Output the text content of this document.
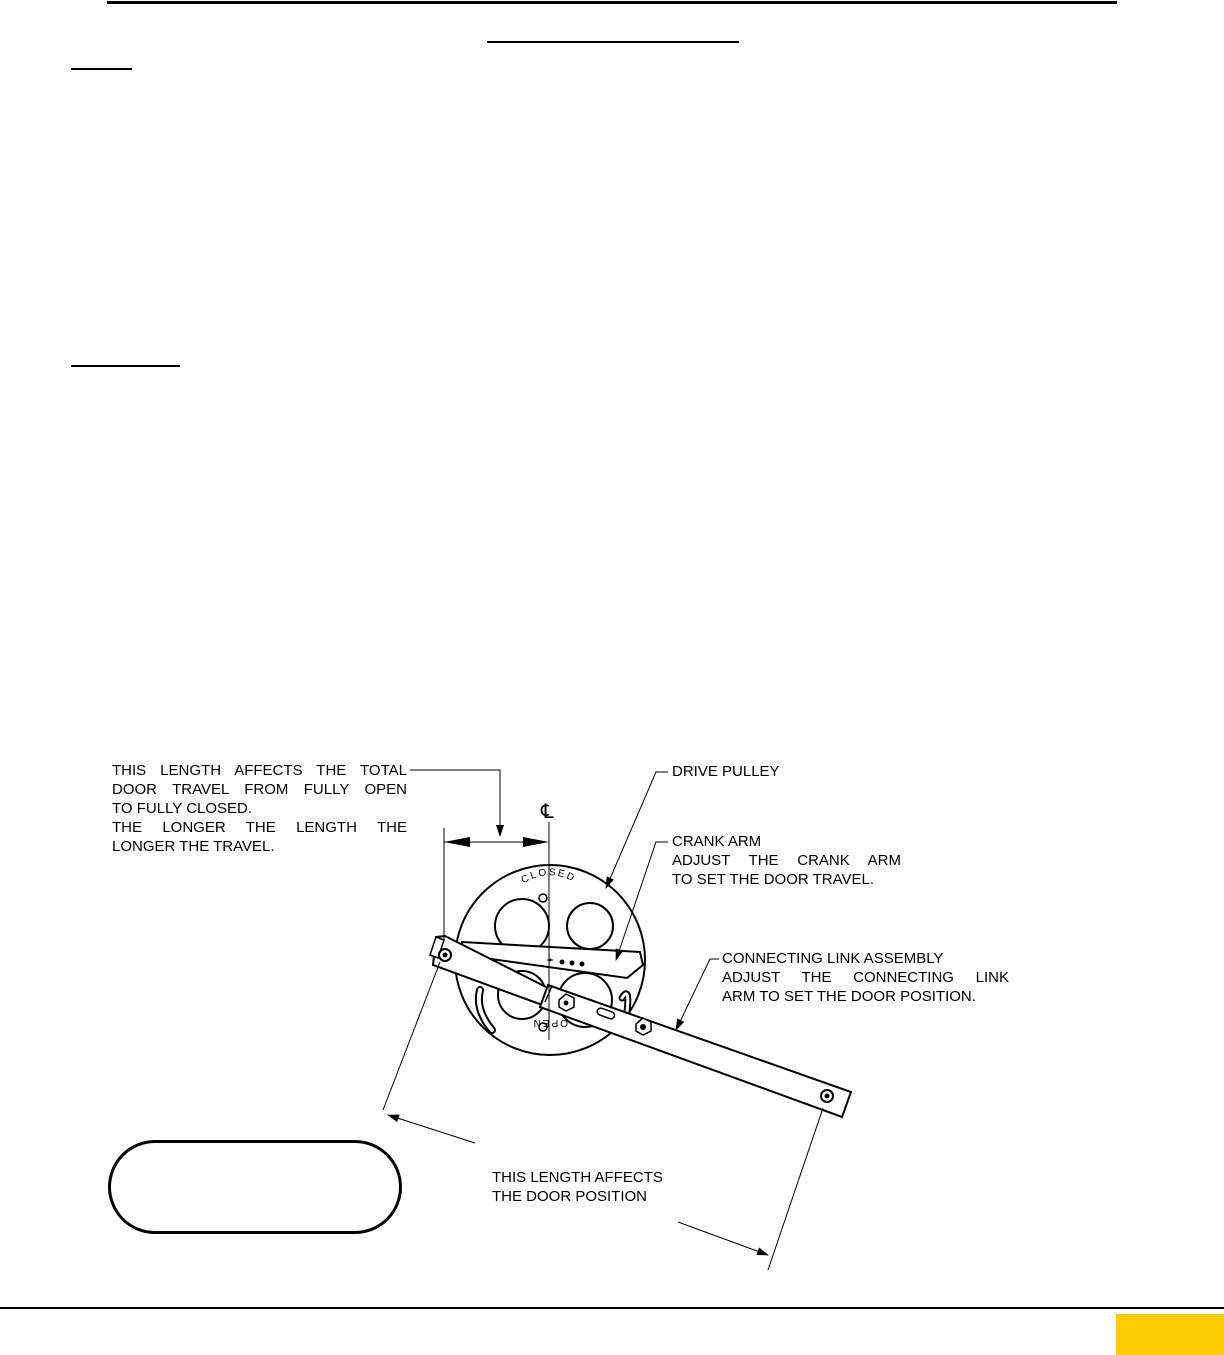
CLOSED
OPEN
℄
THIS LENGTH AFFECTS THE TOTAL
DOOR TRAVEL FROM FULLY OPEN
TO FULLY CLOSED.
THE LONGER THE LENGTH THE
LONGER THE TRAVEL.
DRIVE PULLEY
CRANK ARM
ADJUST THE CRANK ARM
TO SET THE DOOR TRAVEL.
CONNECTING LINK ASSEMBLY
ADJUST THE CONNECTING LINK
ARM TO SET THE DOOR POSITION.
THIS LENGTH AFFECTS
THE DOOR POSITION
